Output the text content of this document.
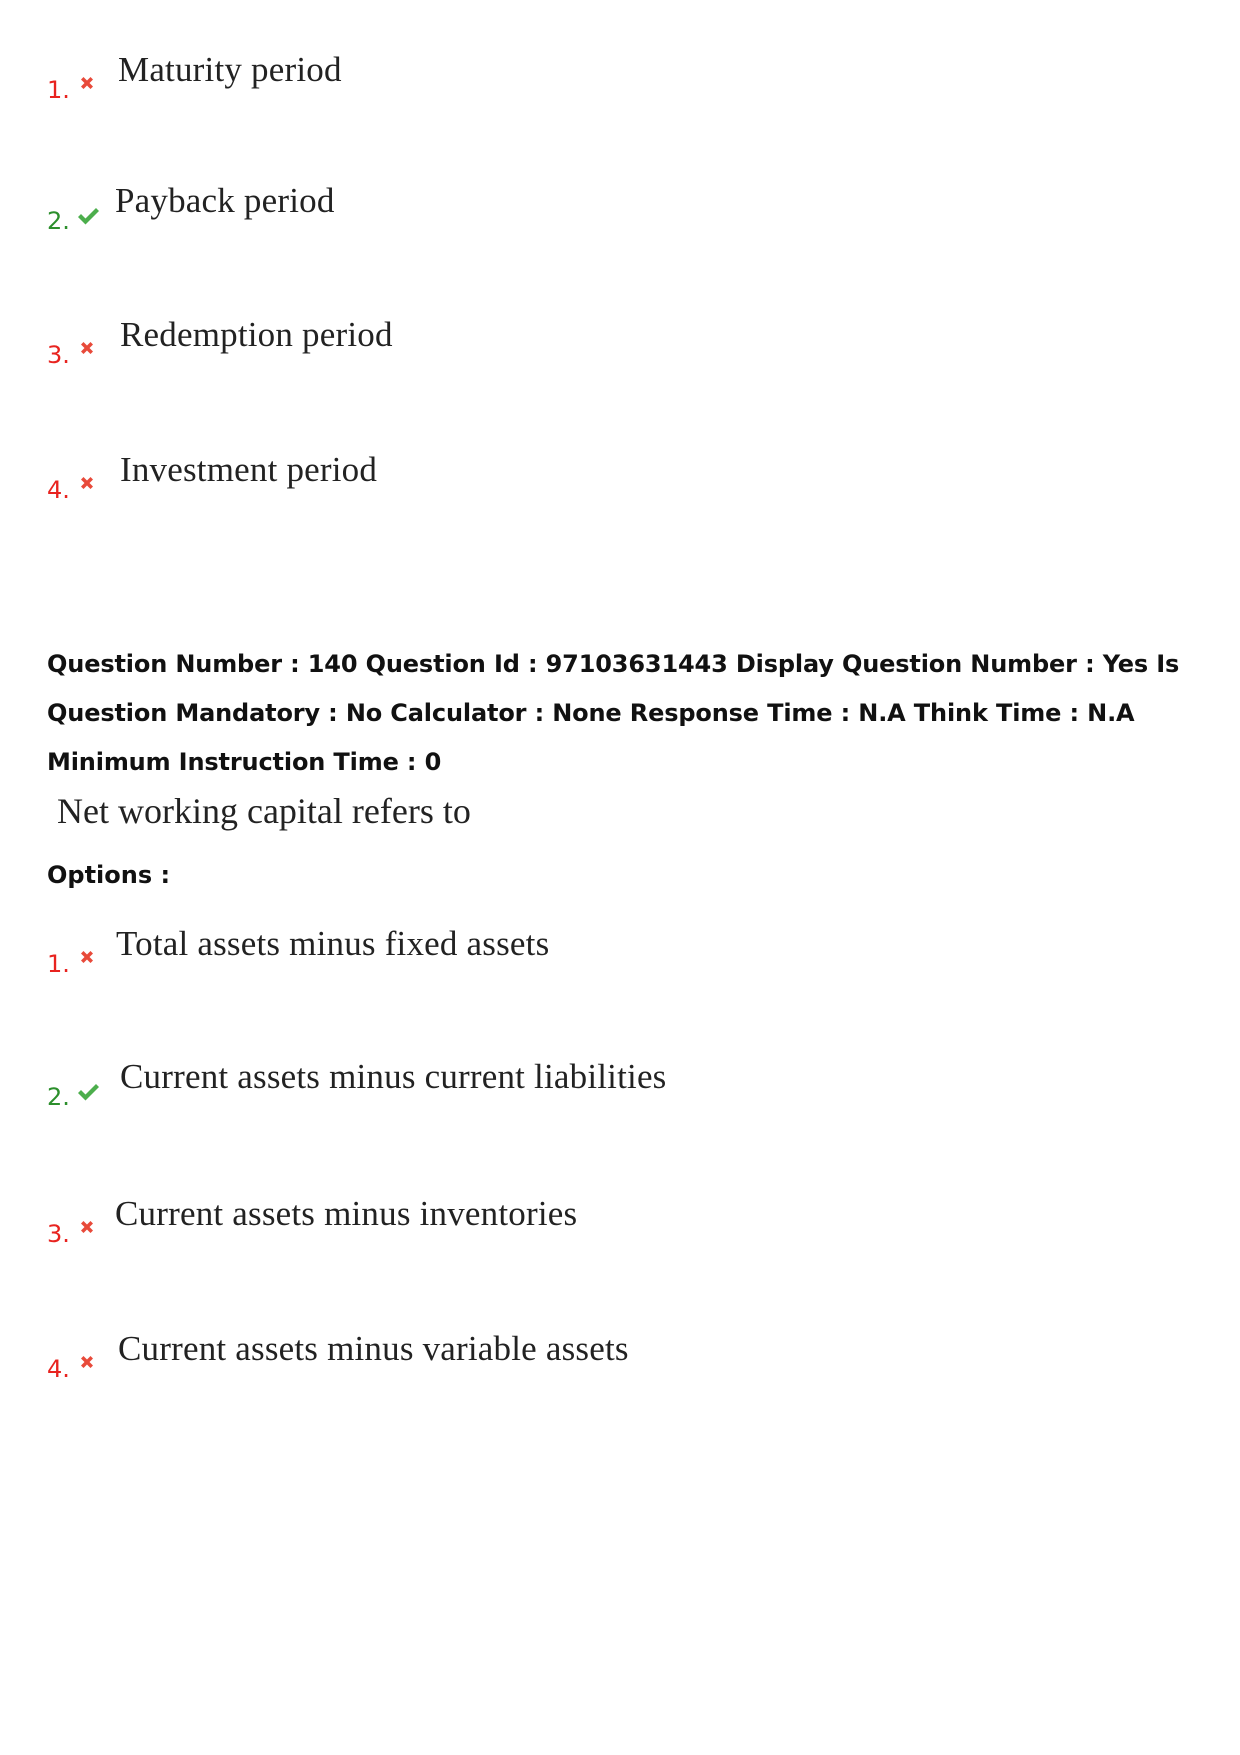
1.
Maturity period
2.
Payback period
3.
Redemption period
4.
Investment period
Question Number : 140 Question Id : 97103631443 Display Question Number : Yes Is Question Mandatory : No Calculator : None Response Time : N.A Think Time : N.A Minimum Instruction Time : 0
Net working capital refers to
Options :
1.
Total assets minus fixed assets
2.
Current assets minus current liabilities
3.
Current assets minus inventories
4.
Current assets minus variable assets
